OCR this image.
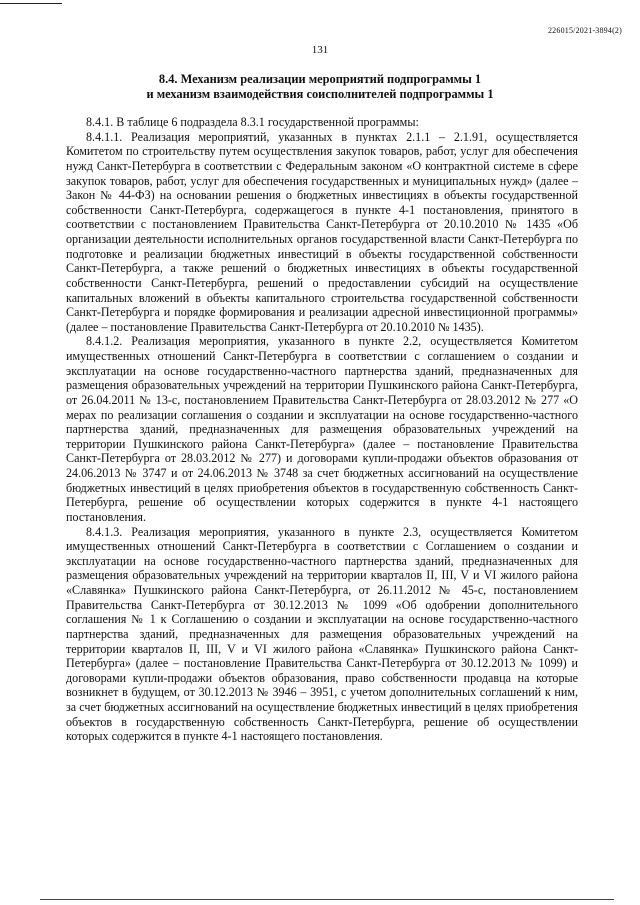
226015/2021-3894(2)
131
8.4. Механизм реализации мероприятий подпрограммы 1
и механизм взаимодействия соисполнителей подпрограммы 1

8.4.1. В таблице 6 подраздела 8.3.1 государственной программы:

8.4.1.1. Реализация мероприятий, указанных в пунктах 2.1.1 – 2.1.91, осуществляется Комитетом по строительству путем осуществления закупок товаров, работ, услуг для обеспечения нужд Санкт-Петербурга в соответствии с Федеральным законом «О контрактной системе в сфере закупок товаров, работ, услуг для обеспечения государственных и муниципальных нужд» (далее – Закон № 44-ФЗ) на основании решения о бюджетных инвестициях в объекты государственной собственности Санкт-Петербурга, содержащегося в пункте 4-1 постановления, принятого в соответствии с постановлением Правительства Санкт-Петербурга от 20.10.2010 № 1435 «Об организации деятельности исполнительных органов государственной власти Санкт-Петербурга по подготовке и реализации бюджетных инвестиций в объекты государственной собственности Санкт-Петербурга, а также решений о бюджетных инвестициях в объекты государственной собственности Санкт-Петербурга, решений о предоставлении субсидий на осуществление капитальных вложений в объекты капитального строительства государственной собственности Санкт-Петербурга и порядке формирования и реализации адресной инвестиционной программы» (далее – постановление Правительства Санкт-Петербурга от 20.10.2010 № 1435).

8.4.1.2. Реализация мероприятия, указанного в пункте 2.2, осуществляется Комитетом имущественных отношений Санкт-Петербурга в соответствии с соглашением о создании и эксплуатации на основе государственно-частного партнерства зданий, предназначенных для размещения образовательных учреждений на территории Пушкинского района Санкт-Петербурга, от 26.04.2011 № 13-с, постановлением Правительства Санкт-Петербурга от 28.03.2012 № 277 «О мерах по реализации соглашения о создании и эксплуатации на основе государственно-частного партнерства зданий, предназначенных для размещения образовательных учреждений на территории Пушкинского района Санкт-Петербурга» (далее – постановление Правительства Санкт-Петербурга от 28.03.2012 № 277) и договорами купли-продажи объектов образования от 24.06.2013 № 3747 и от 24.06.2013 № 3748 за счет бюджетных ассигнований на осуществление бюджетных инвестиций в целях приобретения объектов в государственную собственность Санкт-Петербурга, решение об осуществлении которых содержится в пункте 4-1 настоящего постановления.

8.4.1.3. Реализация мероприятия, указанного в пункте 2.3, осуществляется Комитетом имущественных отношений Санкт-Петербурга в соответствии с Соглашением о создании и эксплуатации на основе государственно-частного партнерства зданий, предназначенных для размещения образовательных учреждений на территории кварталов II, III, V и VI жилого района «Славянка» Пушкинского района Санкт-Петербурга, от 26.11.2012 № 45-с, постановлением Правительства Санкт-Петербурга от 30.12.2013 № 1099 «Об одобрении дополнительного соглашения № 1 к Соглашению о создании и эксплуатации на основе государственно-частного партнерства зданий, предназначенных для размещения образовательных учреждений на территории кварталов II, III, V и VI жилого района «Славянка» Пушкинского района Санкт-Петербурга» (далее – постановление Правительства Санкт-Петербурга от 30.12.2013 № 1099) и договорами купли-продажи объектов образования, право собственности продавца на которые возникнет в будущем, от 30.12.2013 № 3946 – 3951, с учетом дополнительных соглашений к ним, за счет бюджетных ассигнований на осуществление бюджетных инвестиций в целях приобретения объектов в государственную собственность Санкт-Петербурга, решение об осуществлении которых содержится в пункте 4-1 настоящего постановления.
